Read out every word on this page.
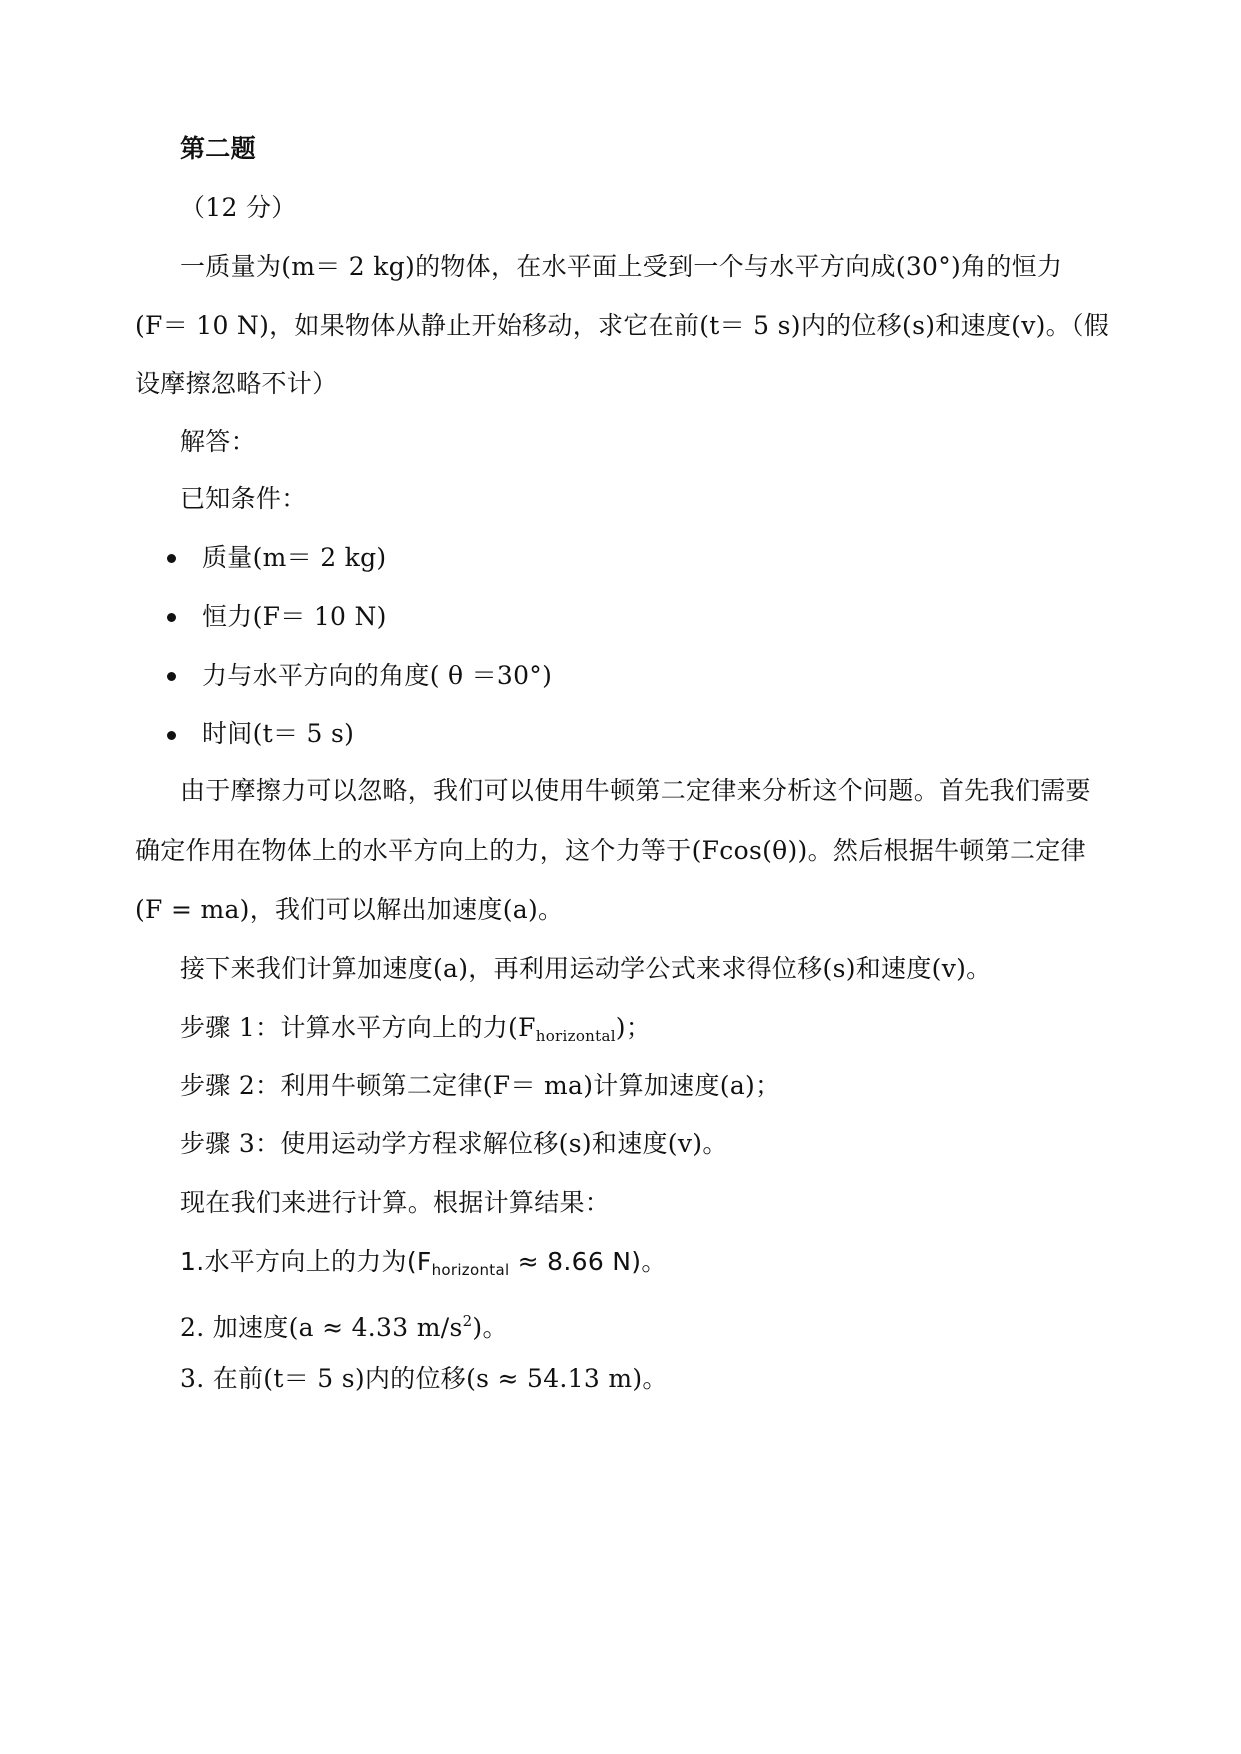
第二题
（12 分）
一质量为(m＝ 2 kg)的物体，在水平面上受到一个与水平方向成(30°)角的恒力
(F＝ 10 N)，如果物体从静止开始移动，求它在前(t＝ 5 s)内的位移(s)和速度(v)。（假
设摩擦忽略不计）
解答：
已知条件：
质量(m＝ 2 kg)
恒力(F＝ 10 N)
力与水平方向的角度( θ ＝30°)
时间(t＝ 5 s)
由于摩擦力可以忽略，我们可以使用牛顿第二定律来分析这个问题。首先我们需要
确定作用在物体上的水平方向上的力，这个力等于(Fcos(θ))。然后根据牛顿第二定律
(F = ma)，我们可以解出加速度(a)。
接下来我们计算加速度(a)，再利用运动学公式来求得位移(s)和速度(v)。
步骤 1：计算水平方向上的力$(F_{horizontal})$；
步骤 2：利用牛顿第二定律(F＝ ma)计算加速度(a)；
步骤 3：使用运动学方程求解位移(s)和速度(v)。
现在我们来进行计算。根据计算结果：
1.水平方向上的力为($F_{horizontal} \approx 8.66$ N)。
2. 加速度(a ≈ 4.33 $m/s^2$)。
3. 在前(t＝ 5 s)内的位移(s ≈ 54.13 m)。
